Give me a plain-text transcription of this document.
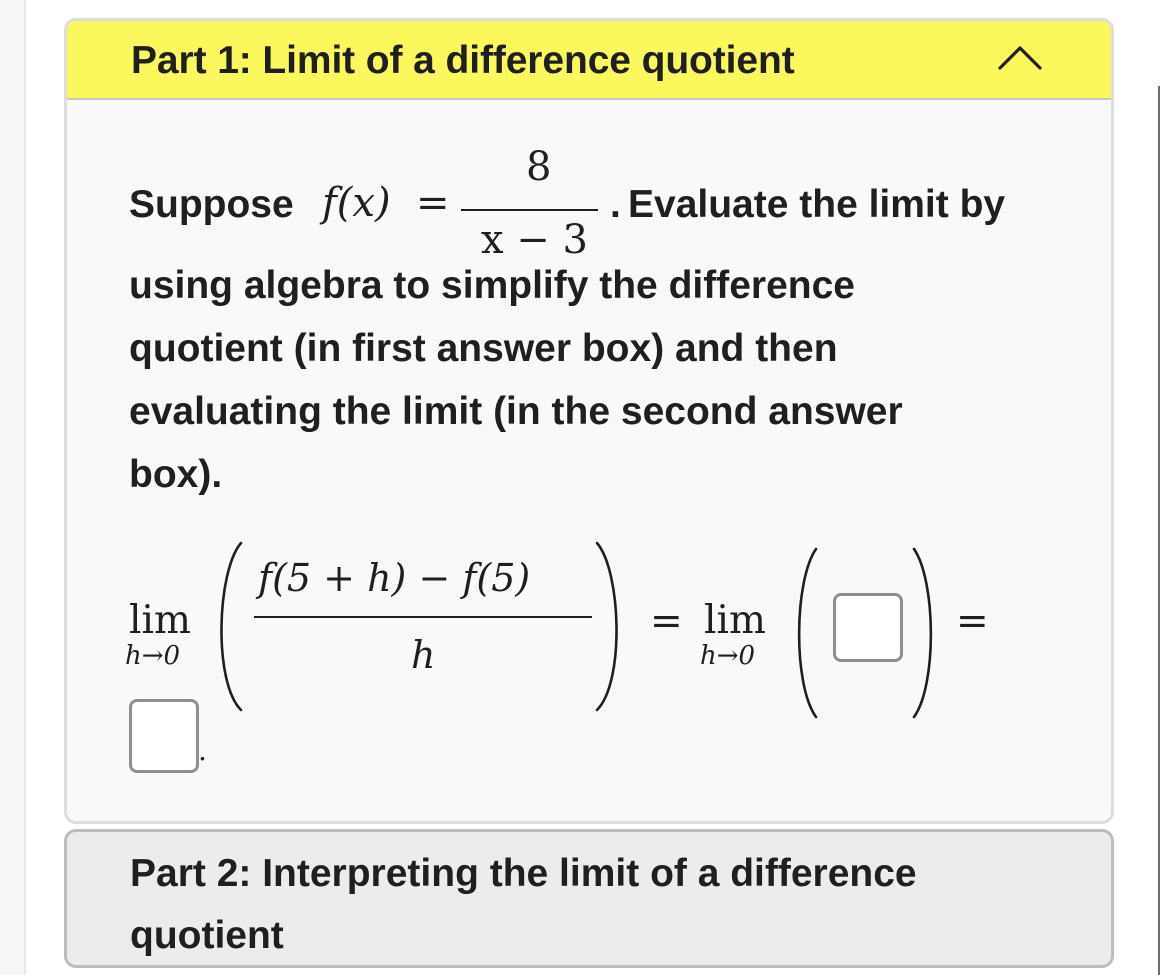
Part 1: Limit of a difference quotient
Suppose f(x) =
8
x − 3
. Evaluate the limit by
using algebra to simplify the difference
quotient (in first answer box) and then
evaluating the limit (in the second answer
box).
lim
h→0
f(5 + h) − f(5)
h
= lim
h→0
=
.
Part 2: Interpreting the limit of a difference
quotient
